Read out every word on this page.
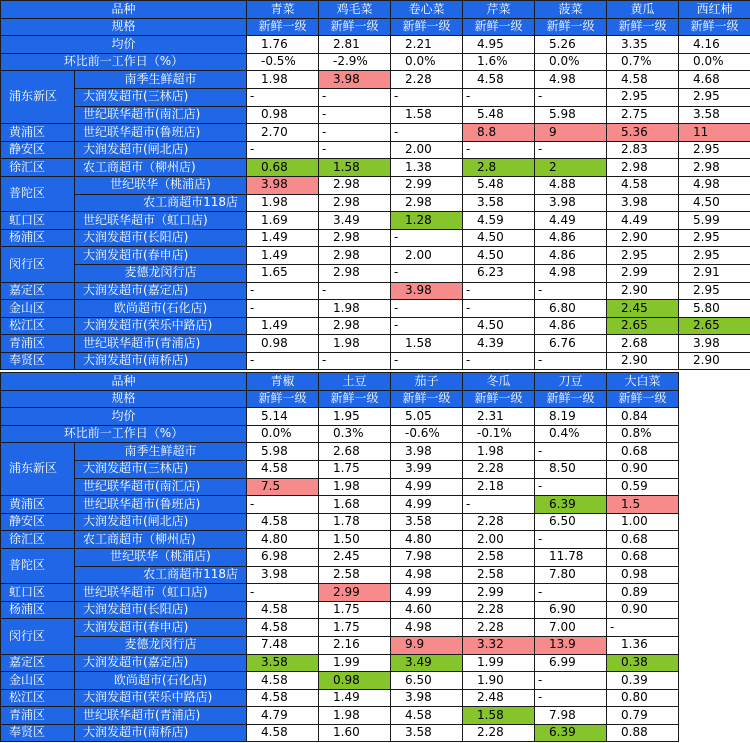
品种		青菜	鸡毛菜	卷心菜	芹菜	菠菜	黄瓜	西红柿
规格		新鲜一级	新鲜一级	新鲜一级	新鲜一级	新鲜一级	新鲜一级	新鲜一级
均价		1.76	2.81	2.21	4.95	5.26	3.35	4.16
环比前一工作日（%）		-0.5%	-2.9%	0.0%	1.6%	0.0%	0.7%	0.0%
浦东新区	南季生鲜超市	1.98	3.98	2.28	4.58	4.98	4.58	4.68
	大润发超市(三林店)	-	-	-	-	-	2.95	2.95
	世纪联华超市(南汇店)	0.98	-	1.58	5.48	5.98	2.75	3.58
黄浦区	世纪联华超市(鲁班店)	2.70	-	-	8.8	9	5.36	11
静安区	大润发超市(闸北店)	-	-	2.00	-	-	2.83	2.95
徐汇区	农工商超市（柳州店)	0.68	1.58	1.38	2.8	2	2.98	2.98
普陀区	世纪联华（桃浦店)	3.98	2.98	2.99	5.48	4.88	4.58	4.98
	农工商超市118店	1.98	2.98	2.98	3.58	3.98	3.98	4.50
虹口区	世纪联华超市（虹口店)	1.69	3.49	1.28	4.59	4.49	4.49	5.99
杨浦区	大润发超市(长阳店)	1.49	2.98	-	4.50	4.86	2.90	2.95
闵行区	大润发超市(春申店)	1.49	2.98	2.00	4.50	4.86	2.95	2.95
	麦德龙闵行店	1.65	2.98	-	6.23	4.98	2.99	2.91
嘉定区	大润发超市(嘉定店)	-	-	3.98	-	-	2.90	2.95
金山区	欧尚超市(石化店)	-	1.98	-	-	6.80	2.45	5.80
松江区	大润发超市(荣乐中路店)	1.49	2.98	-	4.50	4.86	2.65	2.65
青浦区	世纪联华超市(青浦店)	0.98	1.98	1.58	4.39	6.76	2.68	3.98
奉贤区	大润发超市(南桥店)	-	-	-	-	-	2.90	2.90
品种		青椒	土豆	茄子	冬瓜	刀豆	大白菜
规格		新鲜一级	新鲜一级	新鲜一级	新鲜一级	新鲜一级	新鲜一级
均价		5.14	1.95	5.05	2.31	8.19	0.84
环比前一工作日（%）		0.0%	0.3%	-0.6%	-0.1%	0.4%	0.8%
浦东新区	南季生鲜超市	5.98	2.68	3.98	1.98	-	0.68
	大润发超市(三林店)	4.58	1.75	3.99	2.28	8.50	0.90
	世纪联华超市(南汇店)	7.5	1.98	4.99	2.18	-	0.59
黄浦区	世纪联华超市(鲁班店)	-	1.68	4.99	-	6.39	1.5
静安区	大润发超市(闸北店)	4.58	1.78	3.58	2.28	6.50	1.00
徐汇区	农工商超市（柳州店)	4.80	1.50	4.80	2.00	-	0.68
普陀区	世纪联华（桃浦店)	6.98	2.45	7.98	2.58	11.78	0.68
	农工商超市118店	3.98	2.58	4.98	2.58	7.80	0.98
虹口区	世纪联华超市（虹口店)	-	2.99	4.99	2.99	-	0.89
杨浦区	大润发超市(长阳店)	4.58	1.75	4.60	2.28	6.90	0.90
闵行区	大润发超市(春申店)	4.58	1.75	4.98	2.28	7.00	-
	麦德龙闵行店	7.48	2.16	9.9	3.32	13.9	1.36
嘉定区	大润发超市(嘉定店)	3.58	1.99	3.49	1.99	6.99	0.38
金山区	欧尚超市(石化店)	4.58	0.98	6.50	1.90	-	0.39
松江区	大润发超市(荣乐中路店)	4.58	1.49	3.98	2.48	-	0.80
青浦区	世纪联华超市(青浦店)	4.79	1.98	4.58	1.58	7.98	0.79
奉贤区	大润发超市(南桥店)	4.58	1.60	3.58	2.28	6.39	0.88
